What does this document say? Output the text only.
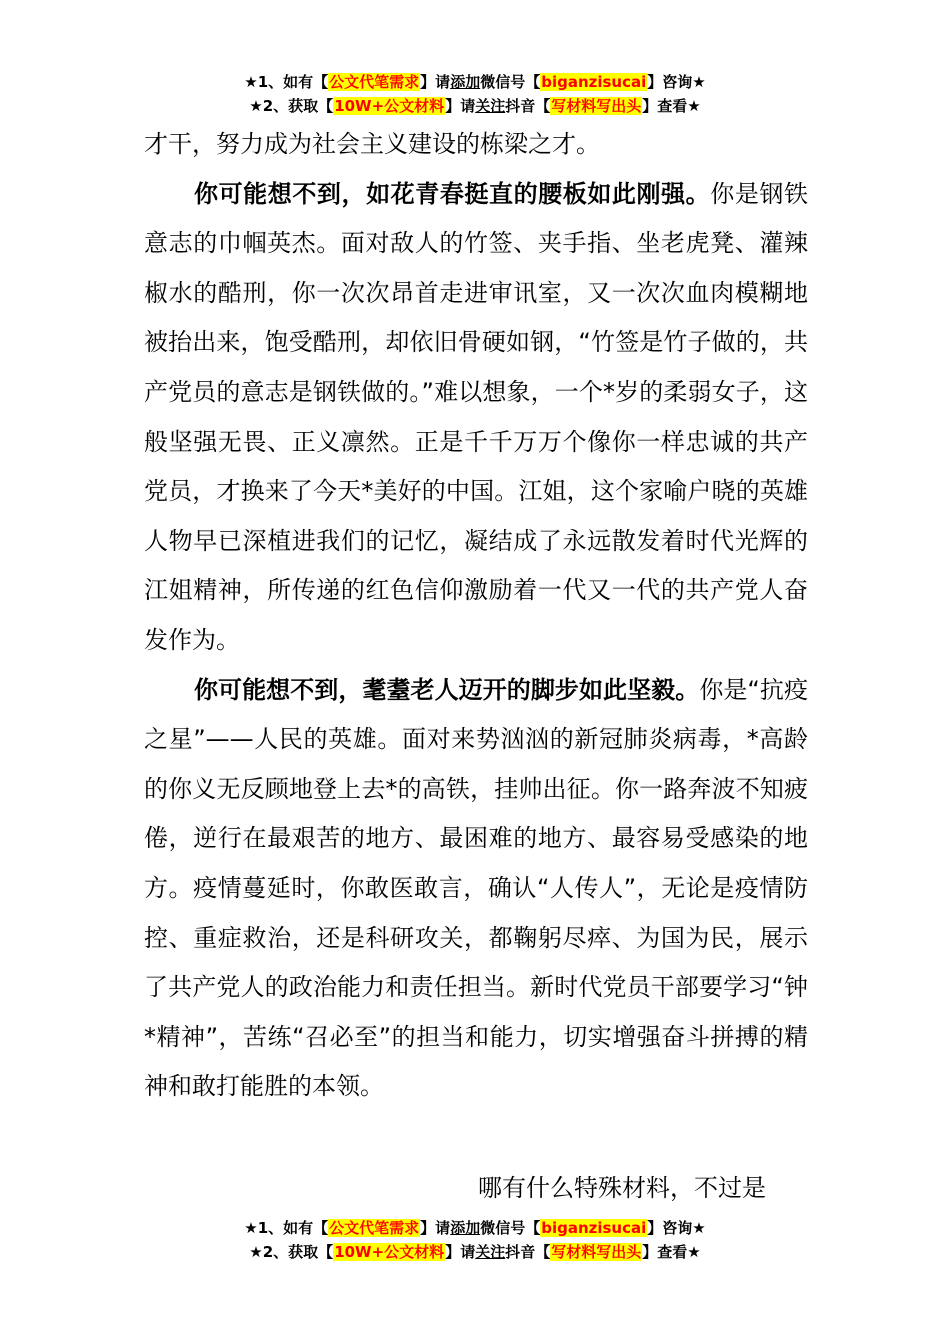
★1、如有【公文代笔需求】请添加微信号【biganzisucai】咨询★
★2、获取【10W+公文材料】请关注抖音【写材料写出头】查看★

才干，努力成为社会主义建设的栋梁之才。

你可能想不到，如花青春挺直的腰板如此刚强。你是钢铁意志的巾帼英杰。面对敌人的竹签、夹手指、坐老虎凳、灌辣椒水的酷刑，你一次次昂首走进审讯室，又一次次血肉模糊地被抬出来，饱受酷刑，却依旧骨硬如钢，“竹签是竹子做的，共产党员的意志是钢铁做的。”难以想象，一个*岁的柔弱女子，这般坚强无畏、正义凛然。正是千千万万个像你一样忠诚的共产党员，才换来了今天*美好的中国。江姐，这个家喻户晓的英雄人物早已深植进我们的记忆，凝结成了永远散发着时代光辉的江姐精神，所传递的红色信仰激励着一代又一代的共产党人奋发作为。

你可能想不到，耄耋老人迈开的脚步如此坚毅。你是“抗疫之星”——人民的英雄。面对来势汹汹的新冠肺炎病毒，*高龄的你义无反顾地登上去*的高铁，挂帅出征。你一路奔波不知疲倦，逆行在最艰苦的地方、最困难的地方、最容易受感染的地方。疫情蔓延时，你敢医敢言，确认“人传人”，无论是疫情防控、重症救治，还是科研攻关，都鞠躬尽瘁、为国为民，展示了共产党人的政治能力和责任担当。新时代党员干部要学习“钟*精神”，苦练“召必至”的担当和能力，切实增强奋斗拼搏的精神和敢打能胜的本领。

哪有什么特殊材料，不过是
★1、如有【公文代笔需求】请添加微信号【biganzisucai】咨询★
★2、获取【10W+公文材料】请关注抖音【写材料写出头】查看★
